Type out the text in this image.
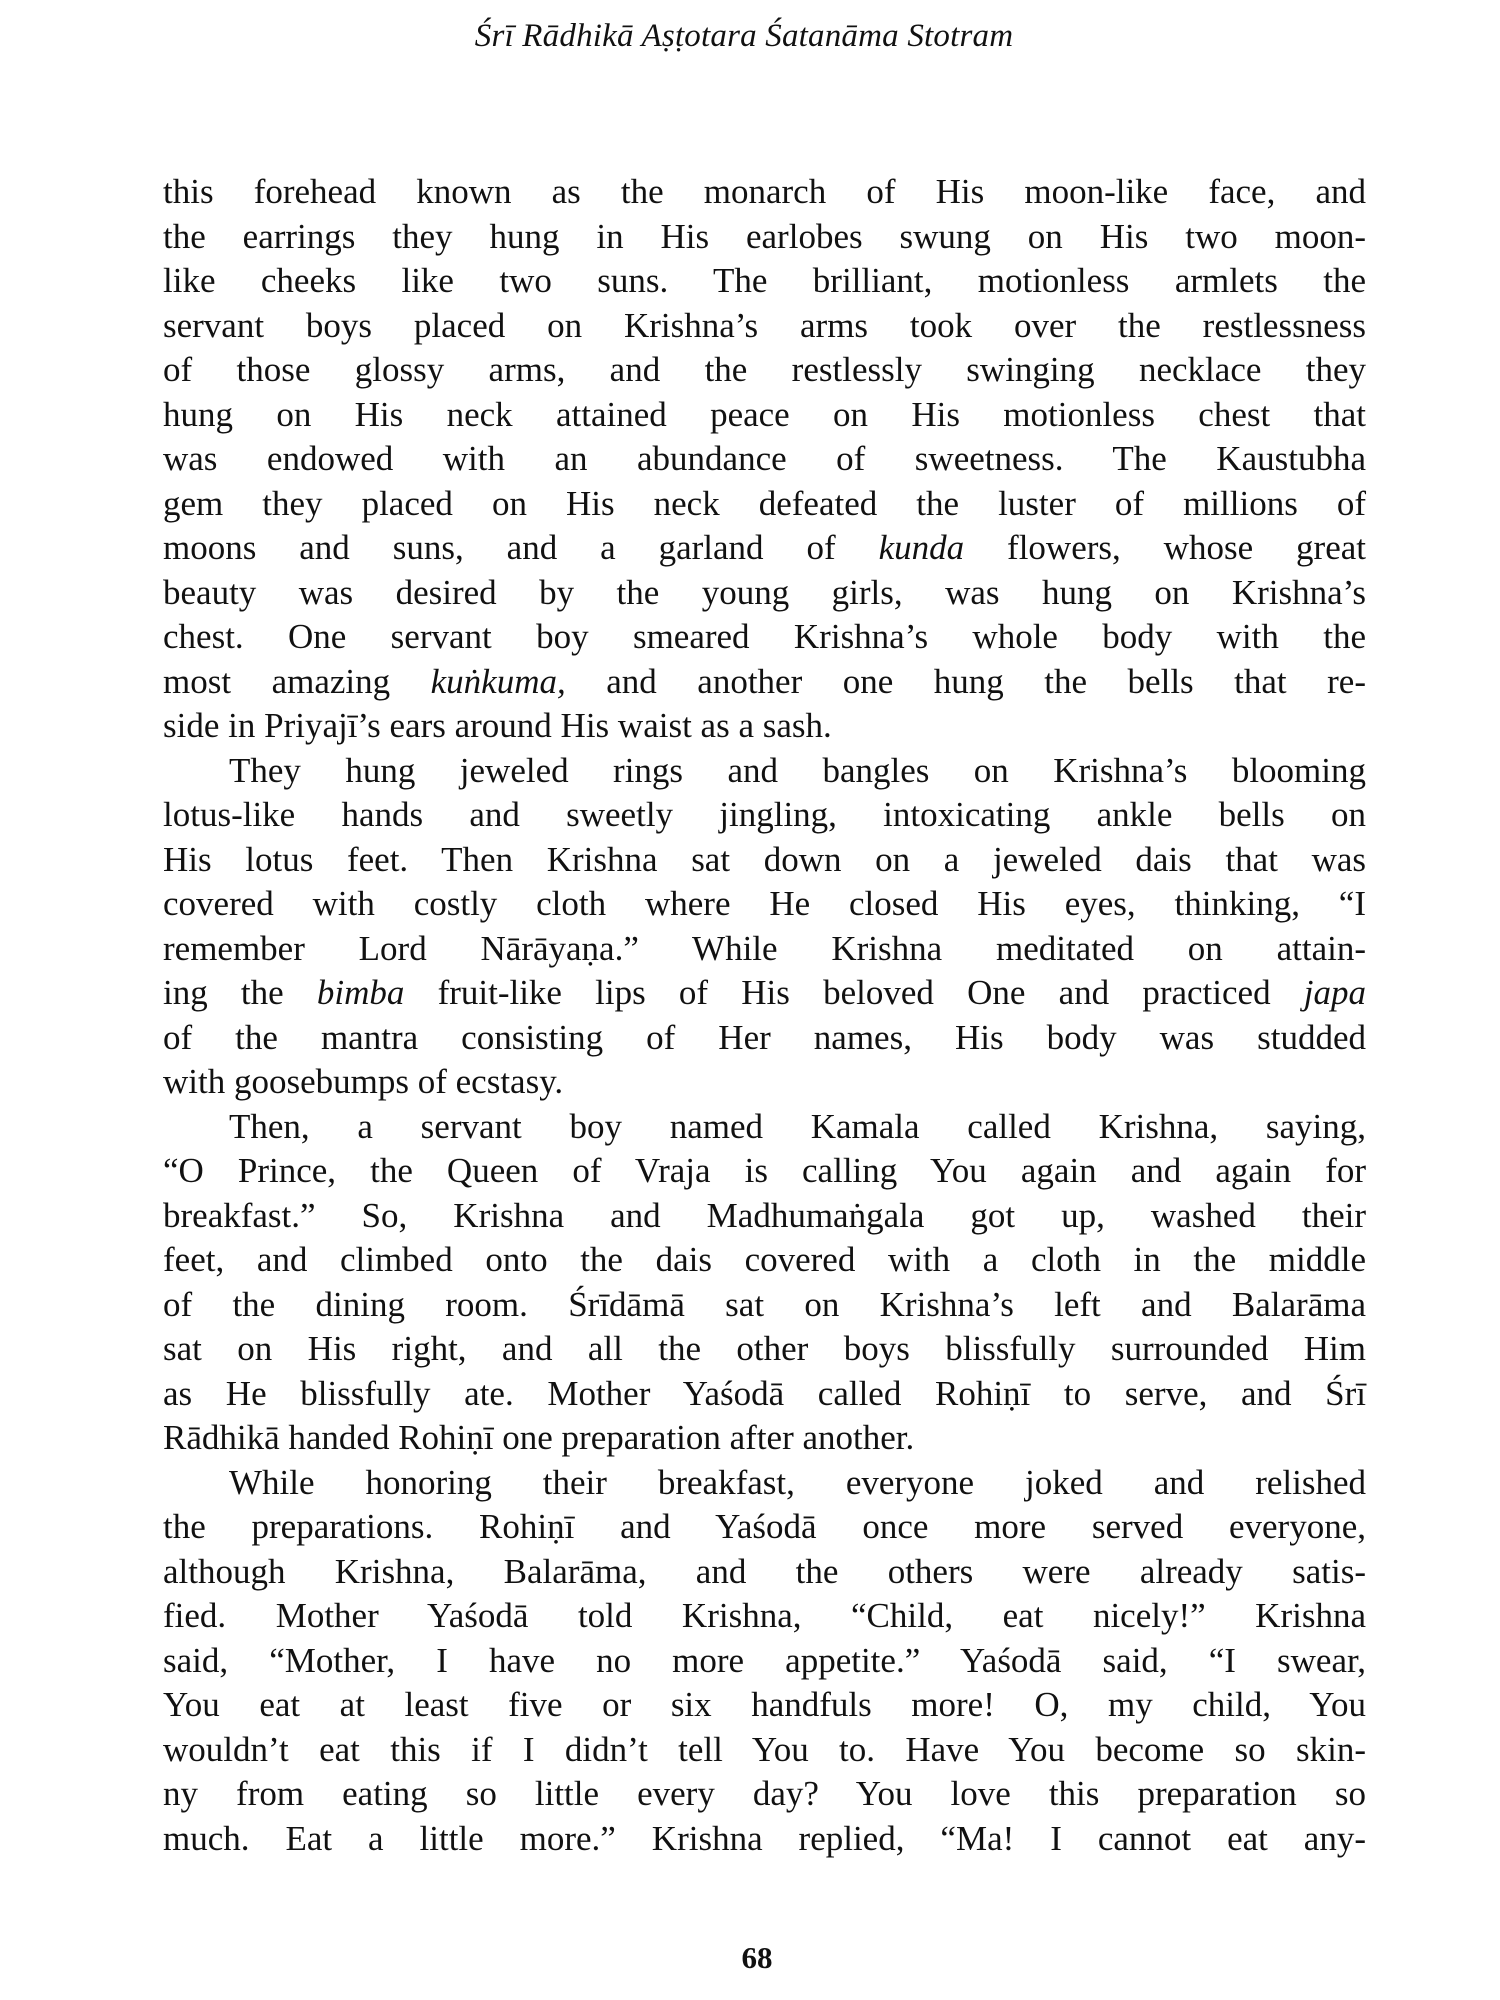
Śrī Rādhikā Aṣṭotara Śatanāma Stotram
this forehead known as the monarch of His moon-like face, and
the earrings they hung in His earlobes swung on His two moon-
like cheeks like two suns. The brilliant, motionless armlets the
servant boys placed on Krishna’s arms took over the restlessness
of those glossy arms, and the restlessly swinging necklace they
hung on His neck attained peace on His motionless chest that
was endowed with an abundance of sweetness. The Kaustubha
gem they placed on His neck defeated the luster of millions of
moons and suns, and a garland of kunda flowers, whose great
beauty was desired by the young girls, was hung on Krishna’s
chest. One servant boy smeared Krishna’s whole body with the
most amazing kuṅkuma, and another one hung the bells that re-
side in Priyajī’s ears around His waist as a sash.
They hung jeweled rings and bangles on Krishna’s blooming
lotus-like hands and sweetly jingling, intoxicating ankle bells on
His lotus feet. Then Krishna sat down on a jeweled dais that was
covered with costly cloth where He closed His eyes, thinking, “I
remember Lord Nārāyaṇa.” While Krishna meditated on attain-
ing the bimba fruit-like lips of His beloved One and practiced japa
of the mantra consisting of Her names, His body was studded
with goosebumps of ecstasy.
Then, a servant boy named Kamala called Krishna, saying,
“O Prince, the Queen of Vraja is calling You again and again for
breakfast.” So, Krishna and Madhumaṅgala got up, washed their
feet, and climbed onto the dais covered with a cloth in the middle
of the dining room. Śrīdāmā sat on Krishna’s left and Balarāma
sat on His right, and all the other boys blissfully surrounded Him
as He blissfully ate. Mother Yaśodā called Rohiṇī to serve, and Śrī
Rādhikā handed Rohiṇī one preparation after another.
While honoring their breakfast, everyone joked and relished
the preparations. Rohiṇī and Yaśodā once more served everyone,
although Krishna, Balarāma, and the others were already satis-
fied. Mother Yaśodā told Krishna, “Child, eat nicely!” Krishna
said, “Mother, I have no more appetite.” Yaśodā said, “I swear,
You eat at least five or six handfuls more! O, my child, You
wouldn’t eat this if I didn’t tell You to. Have You become so skin-
ny from eating so little every day? You love this preparation so
much. Eat a little more.” Krishna replied, “Ma! I cannot eat any-
68
